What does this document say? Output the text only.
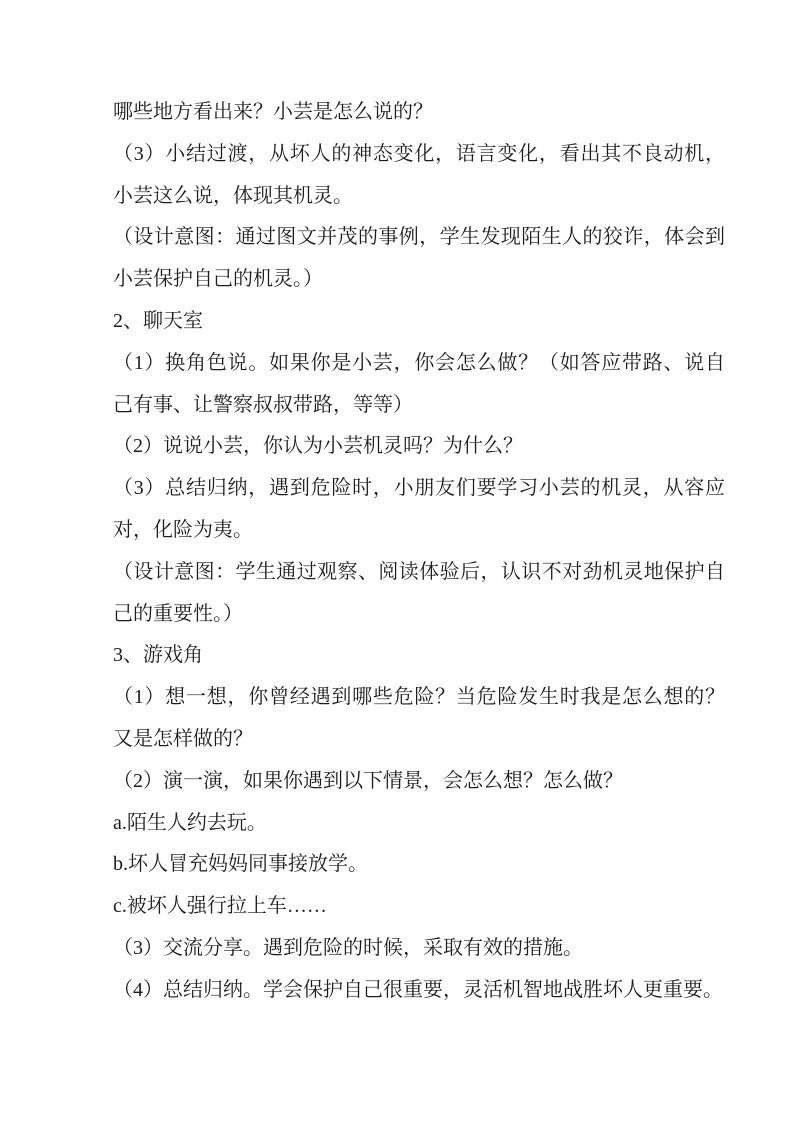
哪些地方看出来？小芸是怎么说的？
（3）小结过渡，从坏人的神态变化，语言变化，看出其不良动机，
小芸这么说，体现其机灵。
（设计意图：通过图文并茂的事例，学生发现陌生人的狡诈，体会到
小芸保护自己的机灵。）
2、聊天室
（1）换角色说。如果你是小芸，你会怎么做？（如答应带路、说自
己有事、让警察叔叔带路，等等）
（2）说说小芸，你认为小芸机灵吗？为什么？
（3）总结归纳，遇到危险时，小朋友们要学习小芸的机灵，从容应
对，化险为夷。
（设计意图：学生通过观察、阅读体验后，认识不对劲机灵地保护自
己的重要性。）
3、游戏角
（1）想一想，你曾经遇到哪些危险？当危险发生时我是怎么想的？
又是怎样做的？
（2）演一演，如果你遇到以下情景，会怎么想？怎么做？
a.陌生人约去玩。
b.坏人冒充妈妈同事接放学。
c.被坏人强行拉上车……
（3）交流分享。遇到危险的时候，采取有效的措施。
（4）总结归纳。学会保护自己很重要，灵活机智地战胜坏人更重要。
